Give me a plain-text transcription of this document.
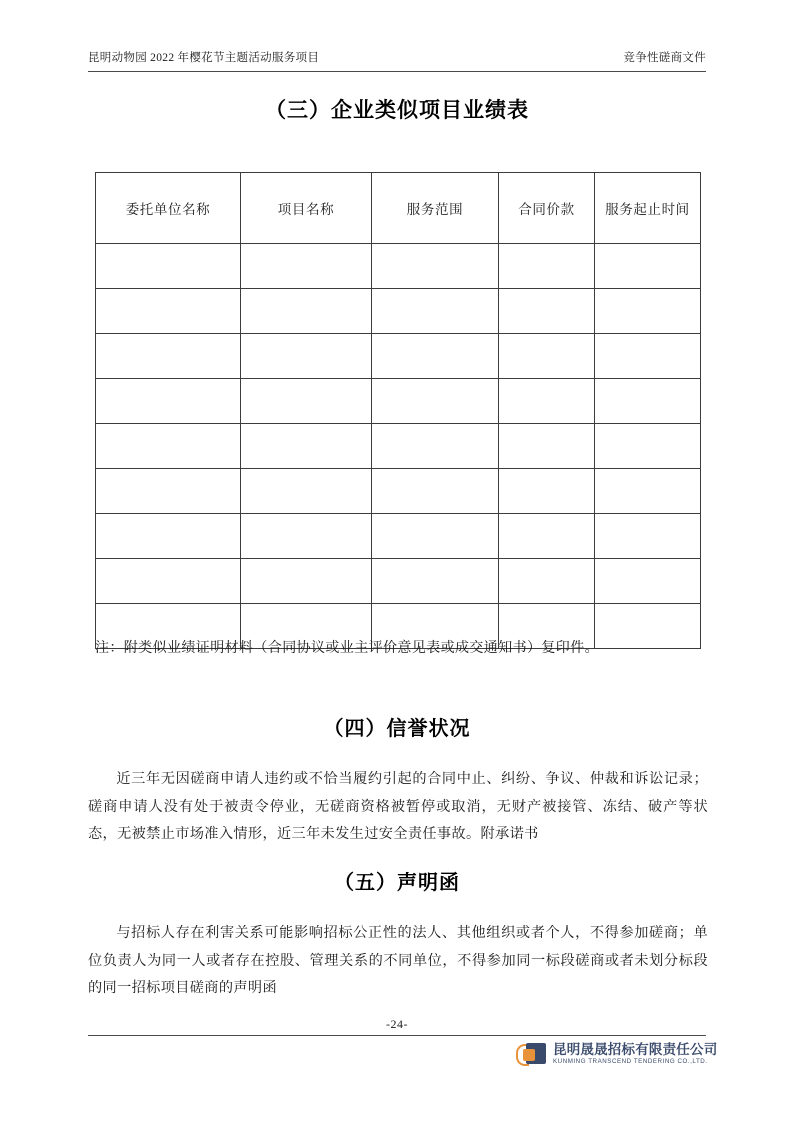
昆明动物园 2022 年樱花节主题活动服务项目	竞争性磋商文件
（三）企业类似项目业绩表
委托单位名称	项目名称	服务范围	合同价款	服务起止时间

注：附类似业绩证明材料（合同协议或业主评价意见表或成交通知书）复印件。
（四）信誉状况
近三年无因磋商申请人违约或不恰当履约引起的合同中止、纠纷、争议、仲裁和诉讼记录；磋商申请人没有处于被责令停业，无磋商资格被暂停或取消，无财产被接管、冻结、破产等状态，无被禁止市场准入情形，近三年未发生过安全责任事故。附承诺书
（五）声明函
与招标人存在利害关系可能影响招标公正性的法人、其他组织或者个人，不得参加磋商；单位负责人为同一人或者存在控股、管理关系的不同单位，不得参加同一标段磋商或者未划分标段的同一招标项目磋商的声明函
-24-
昆明晟晟招标有限责任公司
KUNMING TRANSCEND TENDERING CO.,LTD.
